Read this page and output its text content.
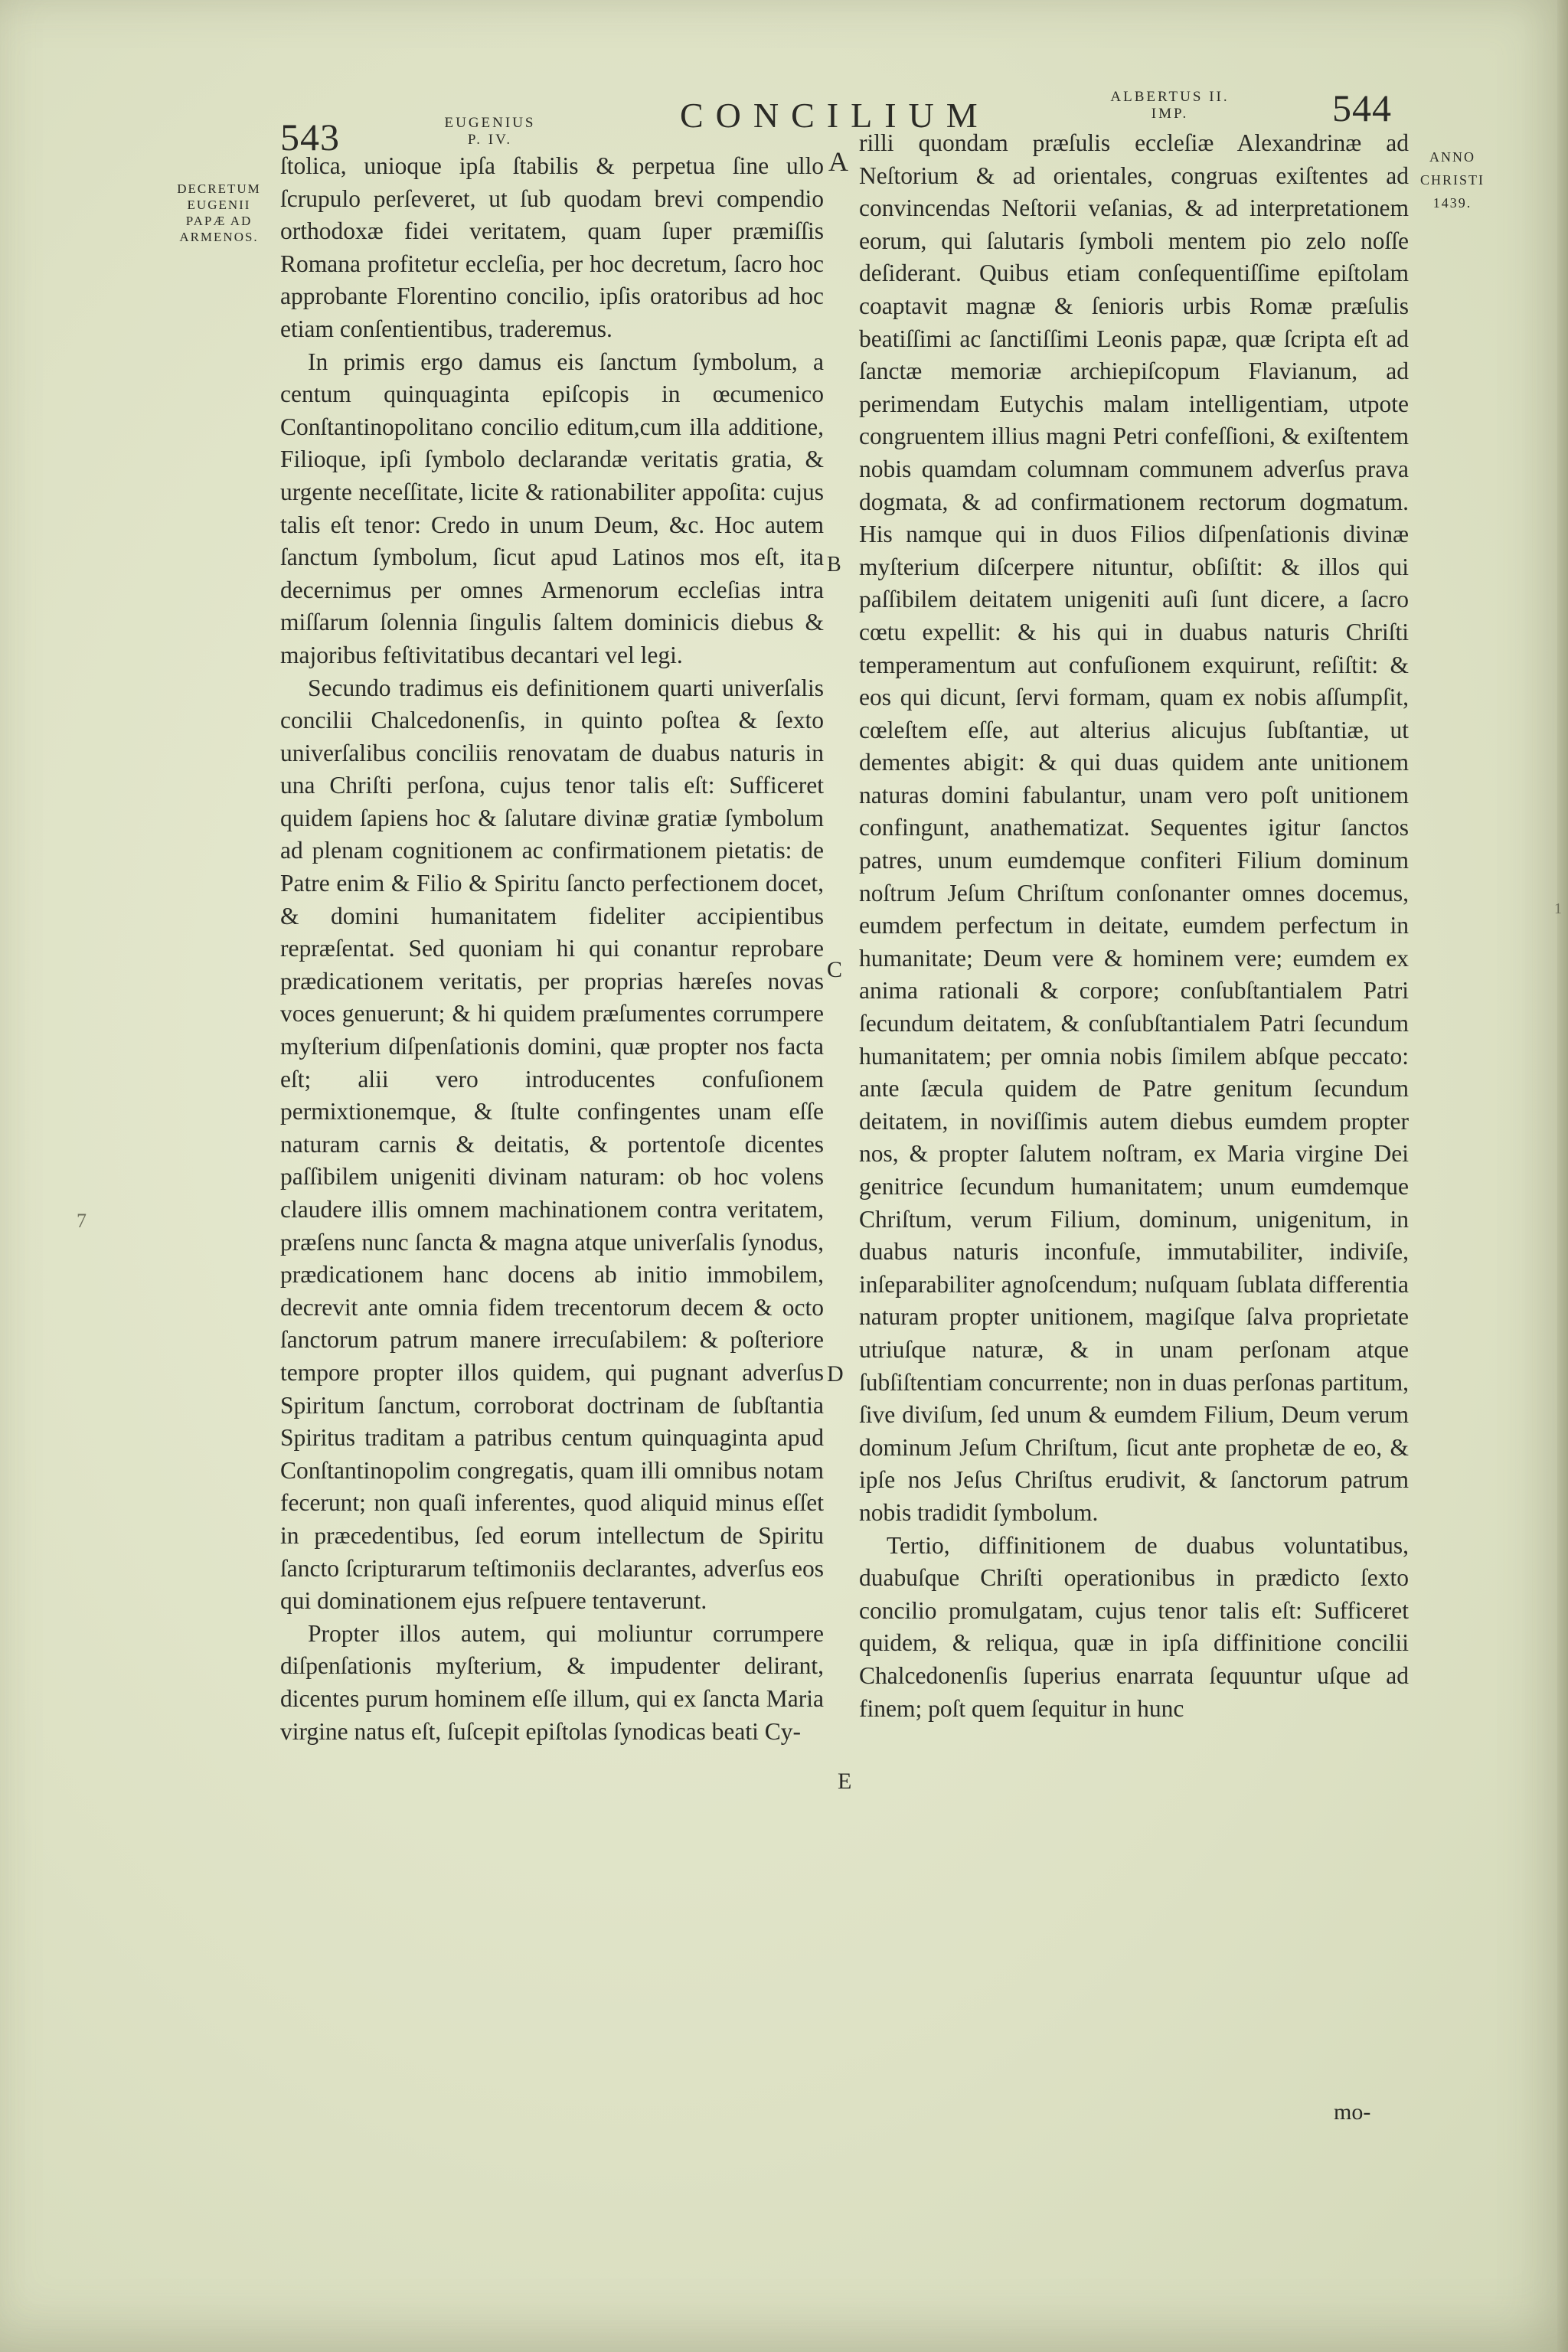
543	EUGENIUS
P. IV.
CONCILIUM	ALBERTUS II.
IMP.	544
DECRETUM
EUGENII
PAPÆ AD
ARMENOS.
ANNO
CHRISTI
1439.
A
B
C
D
E
7
1

ſtolica, unioque ipſa ſtabilis & perpetua ſine ullo ſcrupulo perſeveret, ut ſub quodam brevi compendio orthodoxæ fidei veritatem, quam ſuper præmiſſis Romana profitetur eccleſia, per hoc decretum, ſacro hoc approbante Florentino concilio, ipſis oratoribus ad hoc etiam conſentientibus, traderemus.

In primis ergo damus eis ſanctum ſymbolum, a centum quinquaginta epiſcopis in œcumenico Conſtantinopolitano concilio editum,cum illa additione, Filioque, ipſi ſymbolo declarandæ veritatis gratia, & urgente neceſſitate, licite & rationabiliter appoſita: cujus talis eſt tenor: Credo in unum Deum, &c. Hoc autem ſanctum ſymbolum, ſicut apud Latinos mos eſt, ita decernimus per omnes Armenorum eccleſias intra miſſarum ſolennia ſingulis ſaltem dominicis diebus & majoribus feſtivitatibus decantari vel legi.

Secundo tradimus eis definitionem quarti univerſalis concilii Chalcedonenſis, in quinto poſtea & ſexto univerſalibus conciliis renovatam de duabus naturis in una Chriſti perſona, cujus tenor talis eſt: Sufficeret quidem ſapiens hoc & ſalutare divinæ gratiæ ſymbolum ad plenam cognitionem ac confirmationem pietatis: de Patre enim & Filio & Spiritu ſancto perfectionem docet, & domini humanitatem fideliter accipientibus repræſentat. Sed quoniam hi qui conantur reprobare prædicationem veritatis, per proprias hæreſes novas voces genuerunt; & hi quidem præſumentes corrumpere myſterium diſpenſationis domini, quæ propter nos facta eſt; alii vero introducentes confuſionem permixtionemque, & ſtulte confingentes unam eſſe naturam carnis & deitatis, & portentoſe dicentes paſſibilem unigeniti divinam naturam: ob hoc volens claudere illis omnem machinationem contra veritatem, præſens nunc ſancta & magna atque univerſalis ſynodus, prædicationem hanc docens ab initio immobilem, decrevit ante omnia fidem trecentorum decem & octo ſanctorum patrum manere irrecuſabilem: & poſteriore tempore propter illos quidem, qui pugnant adverſus Spiritum ſanctum, corroborat doctrinam de ſubſtantia Spiritus traditam a patribus centum quinquaginta apud Conſtantinopolim congregatis, quam illi omnibus notam fecerunt; non quaſi inferentes, quod aliquid minus eſſet in præcedentibus, ſed eorum intellectum de Spiritu ſancto ſcripturarum teſtimoniis declarantes, adverſus eos qui dominationem ejus reſpuere tentaverunt.

Propter illos autem, qui moliuntur corrumpere diſpenſationis myſterium, & impudenter delirant, dicentes purum hominem eſſe illum, qui ex ſancta Maria virgine natus eſt, ſuſcepit epiſtolas ſynodicas beati Cy-

rilli quondam præſulis eccleſiæ Alexandrinæ ad Neſtorium & ad orientales, congruas exiſtentes ad convincendas Neſtorii veſanias, & ad interpretationem eorum, qui ſalutaris ſymboli mentem pio zelo noſſe deſiderant. Quibus etiam conſequentiſſime epiſtolam coaptavit magnæ & ſenioris urbis Romæ præſulis beatiſſimi ac ſanctiſſimi Leonis papæ, quæ ſcripta eſt ad ſanctæ memoriæ archiepiſcopum Flavianum, ad perimendam Eutychis malam intelligentiam, utpote congruentem illius magni Petri confeſſioni, & exiſtentem nobis quamdam columnam communem adverſus prava dogmata, & ad confirmationem rectorum dogmatum. His namque qui in duos Filios diſpenſationis divinæ myſterium diſcerpere nituntur, obſiſtit: & illos qui paſſibilem deitatem unigeniti auſi ſunt dicere, a ſacro cœtu expellit: & his qui in duabus naturis Chriſti temperamentum aut confuſionem exquirunt, reſiſtit: & eos qui dicunt, ſervi formam, quam ex nobis aſſumpſit, cœleſtem eſſe, aut alterius alicujus ſubſtantiæ, ut dementes abigit: & qui duas quidem ante unitionem naturas domini fabulantur, unam vero poſt unitionem confingunt, anathematizat. Sequentes igitur ſanctos patres, unum eumdemque confiteri Filium dominum noſtrum Jeſum Chriſtum conſonanter omnes docemus, eumdem perfectum in deitate, eumdem perfectum in humanitate; Deum vere & hominem vere; eumdem ex anima rationali & corpore; conſubſtantialem Patri ſecundum deitatem, & conſubſtantialem Patri ſecundum humanitatem; per omnia nobis ſimilem abſque peccato: ante ſæcula quidem de Patre genitum ſecundum deitatem, in noviſſimis autem diebus eumdem propter nos, & propter ſalutem noſtram, ex Maria virgine Dei genitrice ſecundum humanitatem; unum eumdemque Chriſtum, verum Filium, dominum, unigenitum, in duabus naturis inconfuſe, immutabiliter, indiviſe, inſeparabiliter agnoſcendum; nuſquam ſublata differentia naturam propter unitionem, magiſque ſalva proprietate utriuſque naturæ, & in unam perſonam atque ſubſiſtentiam concurrente; non in duas perſonas partitum, ſive diviſum, ſed unum & eumdem Filium, Deum verum dominum Jeſum Chriſtum, ſicut ante prophetæ de eo, & ipſe nos Jeſus Chriſtus erudivit, & ſanctorum patrum nobis tradidit ſymbolum.

Tertio, diffinitionem de duabus voluntatibus, duabuſque Chriſti operationibus in prædicto ſexto concilio promulgatam, cujus tenor talis eſt: Sufficeret quidem, & reliqua, quæ in ipſa diffinitione concilii Chalcedonenſis ſuperius enarrata ſequuntur uſque ad finem; poſt quem ſequitur in hunc

mo-
